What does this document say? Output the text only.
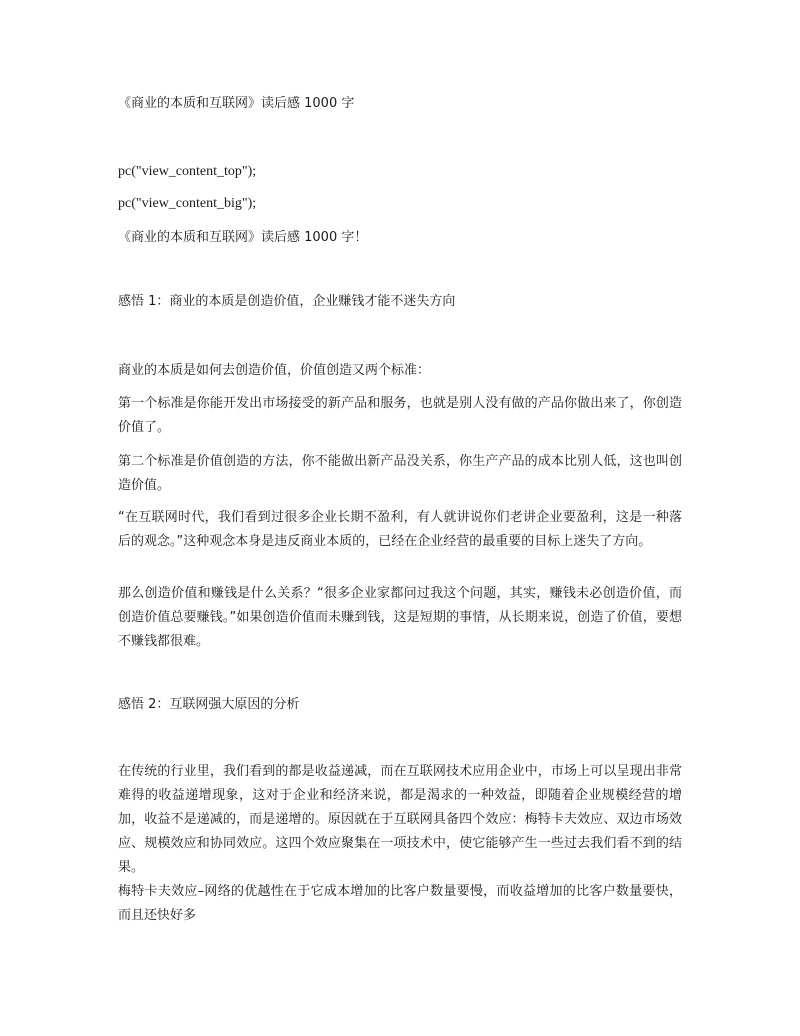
《商业的本质和互联网》读后感 1000 字

pc("view_content_top");

pc("view_content_big");

《商业的本质和互联网》读后感 1000 字！

感悟 1：商业的本质是创造价值，企业赚钱才能不迷失方向

商业的本质是如何去创造价值，价值创造又两个标准：

第一个标准是你能开发出市场接受的新产品和服务，也就是别人没有做的产品你做出来了，你创造价值了。

第二个标准是价值创造的方法，你不能做出新产品没关系，你生产产品的成本比别人低，这也叫创造价值。

“在互联网时代，我们看到过很多企业长期不盈利，有人就讲说你们老讲企业要盈利，这是一种落后的观念。”这种观念本身是违反商业本质的，已经在企业经营的最重要的目标上迷失了方向。

那么创造价值和赚钱是什么关系？“很多企业家都问过我这个问题，其实，赚钱未必创造价值，而创造价值总要赚钱。”如果创造价值而未赚到钱，这是短期的事情，从长期来说，创造了价值，要想不赚钱都很难。

感悟 2：互联网强大原因的分析

在传统的行业里，我们看到的都是收益递减，而在互联网技术应用企业中，市场上可以呈现出非常难得的收益递增现象，这对于企业和经济来说，都是渴求的一种效益，即随着企业规模经营的增加，收益不是递减的，而是递增的。原因就在于互联网具备四个效应：梅特卡夫效应、双边市场效应、规模效应和协同效应。这四个效应聚集在一项技术中，使它能够产生一些过去我们看不到的结果。

梅特卡夫效应–网络的优越性在于它成本增加的比客户数量要慢，而收益增加的比客户数量要快，而且还快好多
